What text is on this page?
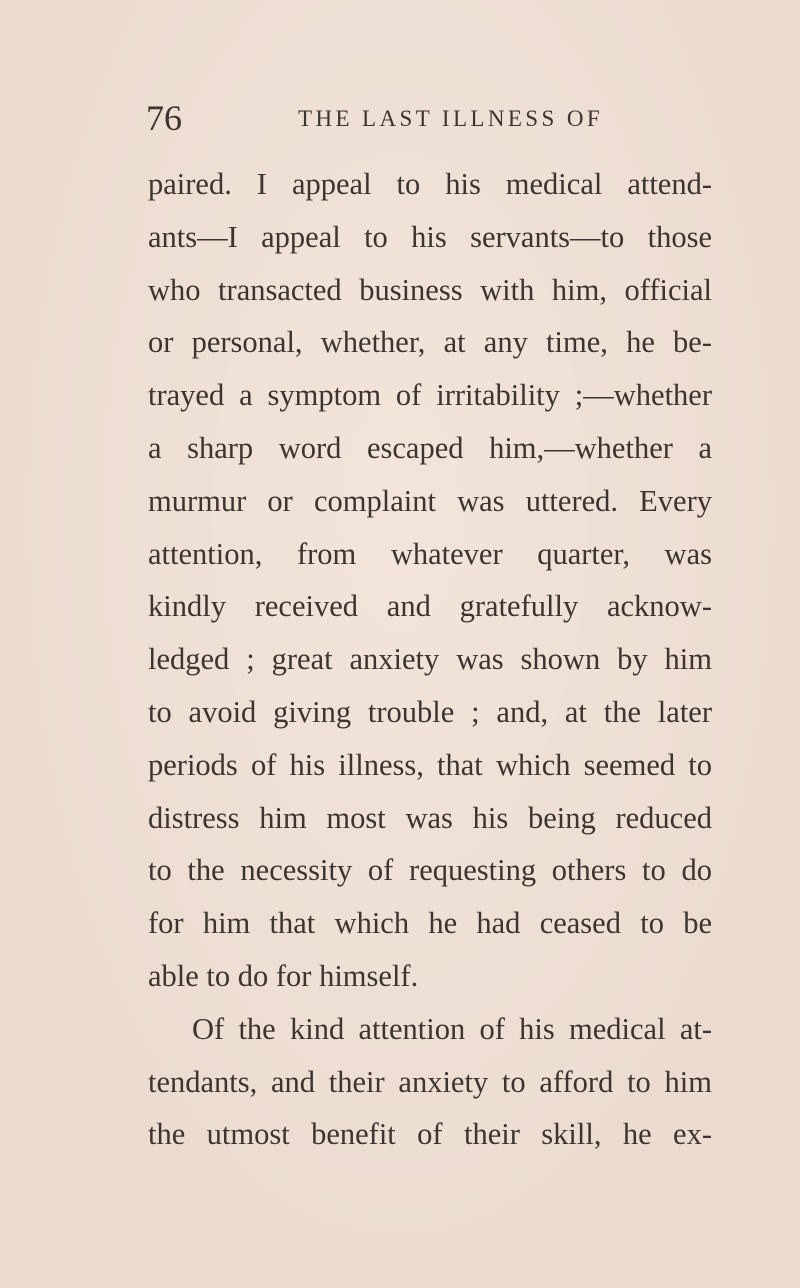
76	THE LAST ILLNESS OF
paired. I appeal to his medical attend-
ants—I appeal to his servants—to those
who transacted business with him, official
or personal, whether, at any time, he be-
trayed a symptom of irritability ;—whether
a sharp word escaped him,—whether a
murmur or complaint was uttered. Every
attention, from whatever quarter, was
kindly received and gratefully acknow-
ledged ; great anxiety was shown by him
to avoid giving trouble ; and, at the later
periods of his illness, that which seemed to
distress him most was his being reduced
to the necessity of requesting others to do
for him that which he had ceased to be
able to do for himself.
Of the kind attention of his medical at-
tendants, and their anxiety to afford to him
the utmost benefit of their skill, he ex-
